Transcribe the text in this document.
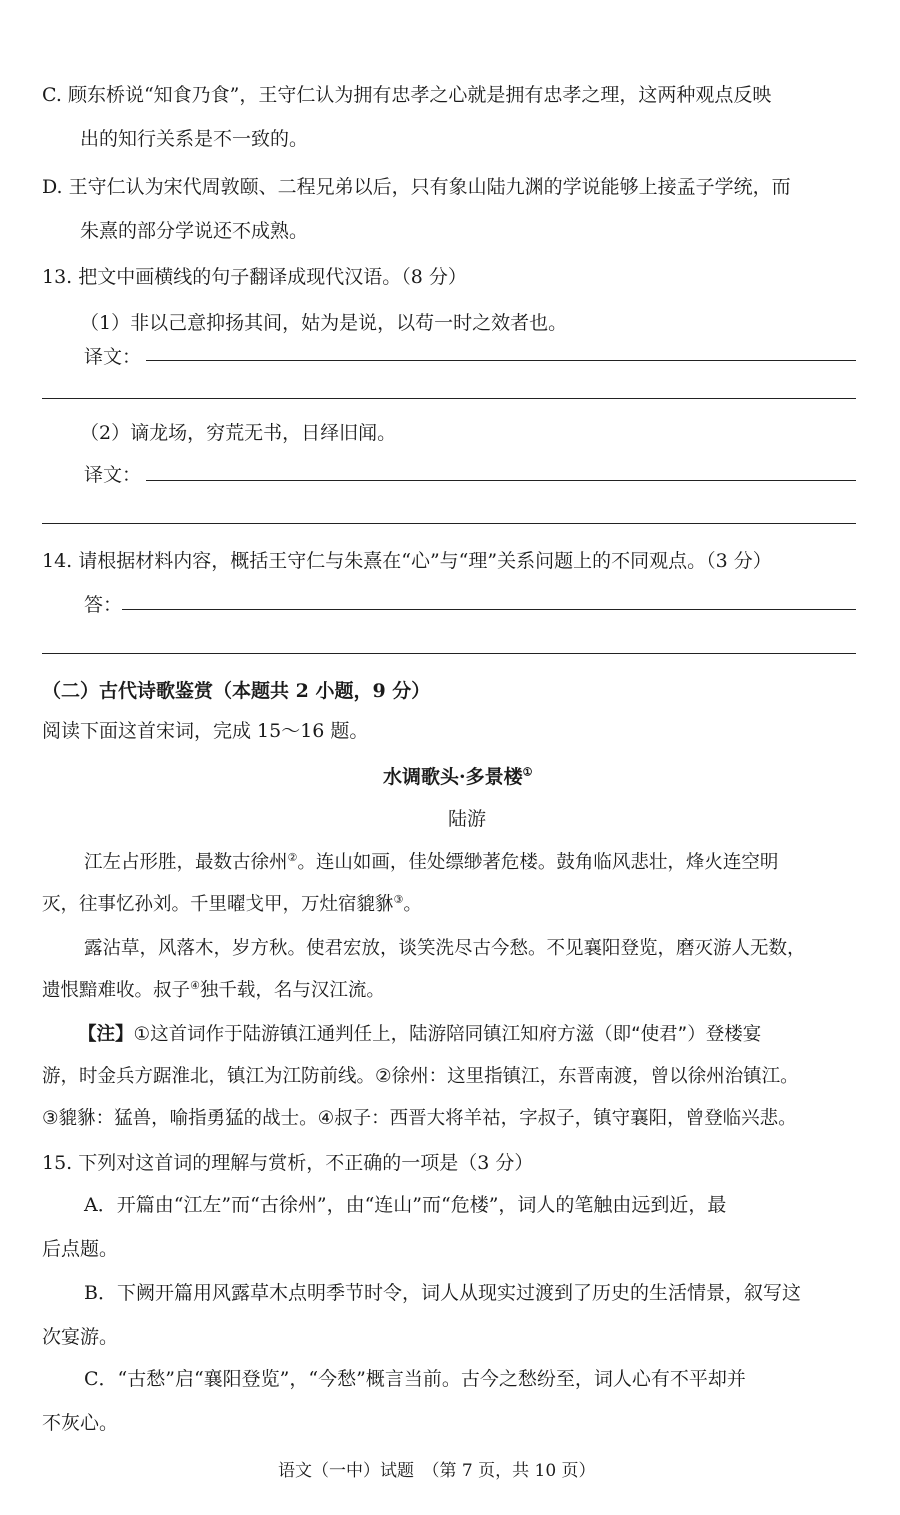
C. 顾东桥说“知食乃食”，王守仁认为拥有忠孝之心就是拥有忠孝之理，这两种观点反映
出的知行关系是不一致的。
D. 王守仁认为宋代周敦颐、二程兄弟以后，只有象山陆九渊的学说能够上接孟子学统，而
朱熹的部分学说还不成熟。
13. 把文中画横线的句子翻译成现代汉语。（8 分）
（1）非以己意抑扬其间，姑为是说，以苟一时之效者也。
译文：
（2）谪龙场，穷荒无书，日绎旧闻。
译文：
14. 请根据材料内容，概括王守仁与朱熹在“心”与“理”关系问题上的不同观点。（3 分）
答：
（二）古代诗歌鉴赏（本题共 2 小题，9 分）
阅读下面这首宋词，完成 15～16 题。
水调歌头·多景楼①
陆游
江左占形胜，最数古徐州②。连山如画，佳处缥缈著危楼。鼓角临风悲壮，烽火连空明
灭，往事忆孙刘。千里曜戈甲，万灶宿貔貅③。
露沾草，风落木，岁方秋。使君宏放，谈笑洗尽古今愁。不见襄阳登览，磨灭游人无数，
遗恨黯难收。叔子④独千载，名与汉江流。
【注】①这首词作于陆游镇江通判任上，陆游陪同镇江知府方滋（即“使君”）登楼宴
游，时金兵方踞淮北，镇江为江防前线。②徐州：这里指镇江，东晋南渡，曾以徐州治镇江。
③貔貅：猛兽，喻指勇猛的战士。④叔子：西晋大将羊祜，字叔子，镇守襄阳，曾登临兴悲。
15. 下列对这首词的理解与赏析，不正确的一项是（3 分）
A．开篇由“江左”而“古徐州”，由“连山”而“危楼”，词人的笔触由远到近，最
后点题。
B．下阙开篇用风露草木点明季节时令，词人从现实过渡到了历史的生活情景，叙写这
次宴游。
C．“古愁”启“襄阳登览”，“今愁”概言当前。古今之愁纷至，词人心有不平却并
不灰心。
语文（一中）试题　（第 7 页，共 10 页）
